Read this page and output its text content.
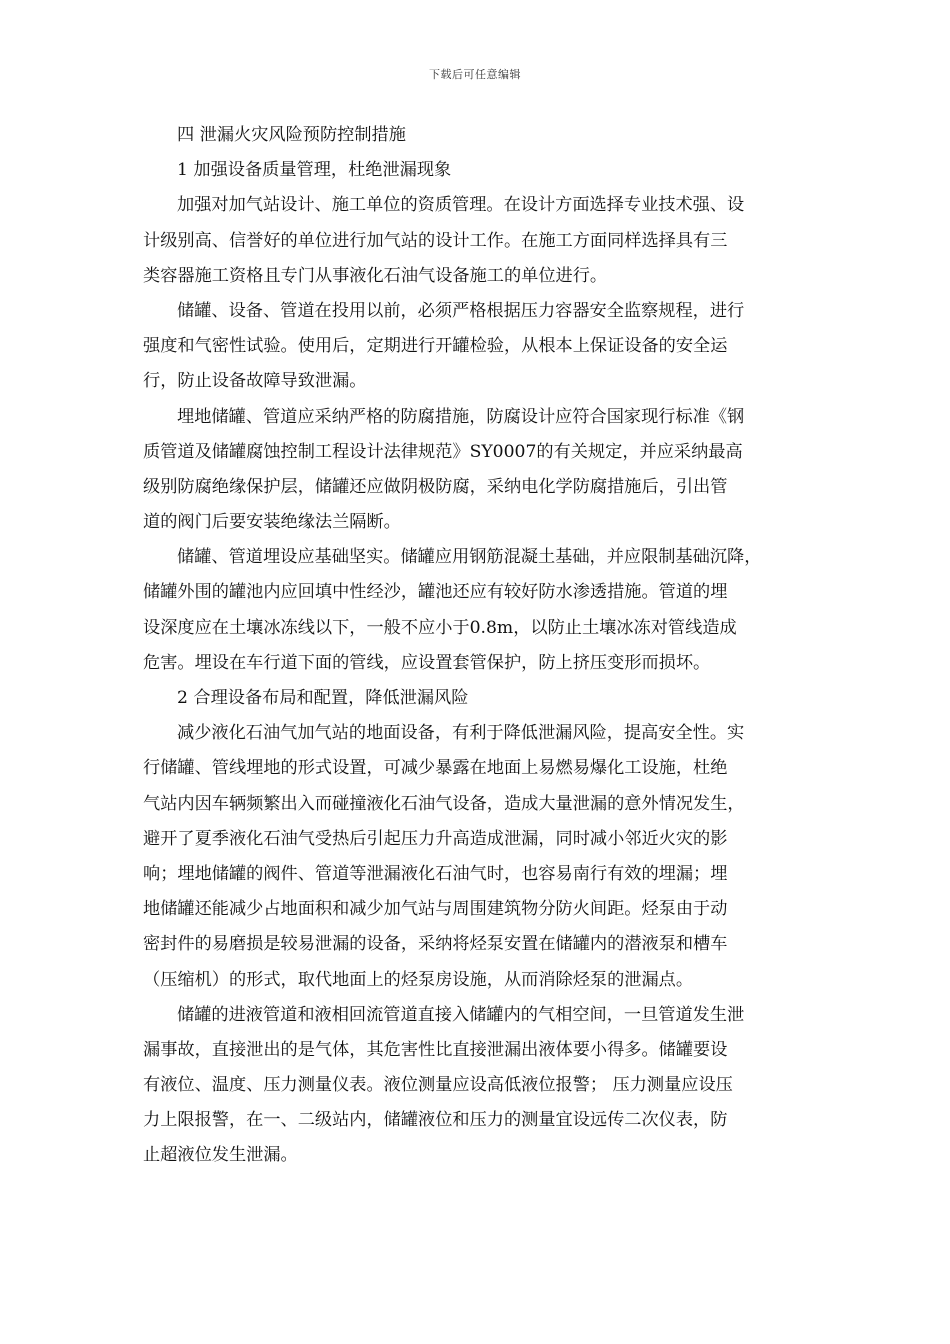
下载后可任意编辑
四 泄漏火灾风险预防控制措施
1 加强设备质量管理，杜绝泄漏现象
加强对加气站设计、施工单位的资质管理。在设计方面选择专业技术强、设
计级别高、信誉好的单位进行加气站的设计工作。在施工方面同样选择具有三
类容器施工资格且专门从事液化石油气设备施工的单位进行。
储罐、设备、管道在投用以前，必须严格根据压力容器安全监察规程，进行
强度和气密性试验。使用后，定期进行开罐检验，从根本上保证设备的安全运
行，防止设备故障导致泄漏。
埋地储罐、管道应采纳严格的防腐措施，防腐设计应符合国家现行标准《钢
质管道及储罐腐蚀控制工程设计法律规范》SY0007的有关规定，并应采纳最高
级别防腐绝缘保护层，储罐还应做阴极防腐，采纳电化学防腐措施后，引出管
道的阀门后要安装绝缘法兰隔断。
储罐、管道埋设应基础坚实。储罐应用钢筋混凝土基础，并应限制基础沉降，
储罐外围的罐池内应回填中性经沙，罐池还应有较好防水渗透措施。管道的埋
设深度应在土壤冰冻线以下，一般不应小于0.8m，以防止土壤冰冻对管线造成
危害。埋设在车行道下面的管线，应设置套管保护，防上挤压变形而损坏。
2 合理设备布局和配置，降低泄漏风险
减少液化石油气加气站的地面设备，有利于降低泄漏风险，提高安全性。实
行储罐、管线埋地的形式设置，可减少暴露在地面上易燃易爆化工设施，杜绝
气站内因车辆频繁出入而碰撞液化石油气设备，造成大量泄漏的意外情况发生，
避开了夏季液化石油气受热后引起压力升高造成泄漏，同时减小邻近火灾的影
响；埋地储罐的阀件、管道等泄漏液化石油气时，也容易南行有效的埋漏；埋
地储罐还能减少占地面积和减少加气站与周围建筑物分防火间距。烃泵由于动
密封件的易磨损是较易泄漏的设备，采纳将烃泵安置在储罐内的潜液泵和槽车
（压缩机）的形式，取代地面上的烃泵房设施，从而消除烃泵的泄漏点。
储罐的进液管道和液相回流管道直接入储罐内的气相空间，一旦管道发生泄
漏事故，直接泄出的是气体，其危害性比直接泄漏出液体要小得多。储罐要设
有液位、温度、压力测量仪表。液位测量应设高低液位报警； 压力测量应设压
力上限报警，在一、二级站内，储罐液位和压力的测量宜设远传二次仪表，防
止超液位发生泄漏。
